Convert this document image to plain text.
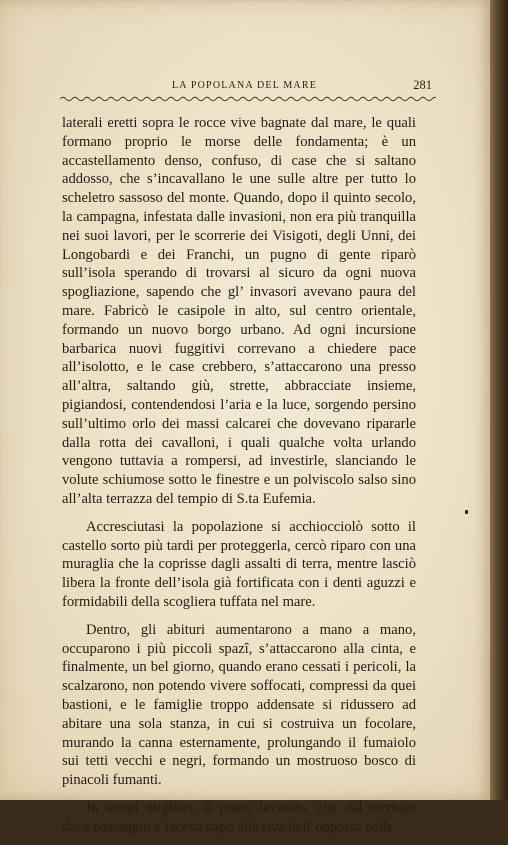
LA POPOLANA DEL MARE	281

laterali eretti sopra le rocce vive bagnate dal mare, le quali formano proprio le morse delle fondamenta; è un accastellamento denso, confuso, di case che si saltano addosso, che s’incavallano le une sulle altre per tutto lo scheletro sassoso del monte. Quando, dopo il quinto secolo, la campagna, infestata dalle invasioni, non era più tranquilla nei suoi lavori, per le scorrerie dei Visigoti, degli Unni, dei Longobardi e dei Franchi, un pugno di gente riparò sull’isola sperando di trovarsi al sicuro da ogni nuova spogliazione, sapendo che gl’ invasori avevano paura del mare. Fabricò le casipole in alto, sul centro orientale, formando un nuovo borgo urbano. Ad ogni incursione barbarica nuovi fuggitivi correvano a chiedere pace all’isolotto, e le case crebbero, s’attaccarono una presso all’altra, saltando giù, strette, abbracciate insieme, pigiandosi, contendendosi l’aria e la luce, sorgendo persino sull’ultimo orlo dei massi calcarei che dovevano ripararle dalla rotta dei cavalloni, i quali qualche volta urlando vengono tuttavia a rompersi, ad investirle, slanciando le volute schiumose sotto le finestre e un polviscolo salso sino all’alta terrazza del tempio di S.ta Eufemia.

Accresciutasi la popolazione si acchiocciolò sotto il castello sorto più tardi per proteggerla, cercò riparo con una muraglia che la coprisse dagli assalti di terra, mentre lasciò libera la fronte dell’isola già fortificata con i denti aguzzi e formidabili della scogliera tuffata nel mare.

Dentro, gli abituri aumentarono a mano a mano, occuparono i più piccoli spazî, s’attaccarono alla cinta, e finalmente, un bel giorno, quando erano cessati i pericoli, la scalzarono, non potendo vivere soffocati, compressi da quei bastioni, e le famiglie troppo addensate si ridussero ad abitare una sola stanza, in cui si costruiva un focolare, murando la canna esternamente, prolungando il fumaiolo sui tetti vecchi e negri, formando un mostruoso bosco di pinacoli fumanti.

In tempi migliori, il ponte levatoio, che dal torrione dava passaggio e faceva capo alla riva dell’opposto colle
